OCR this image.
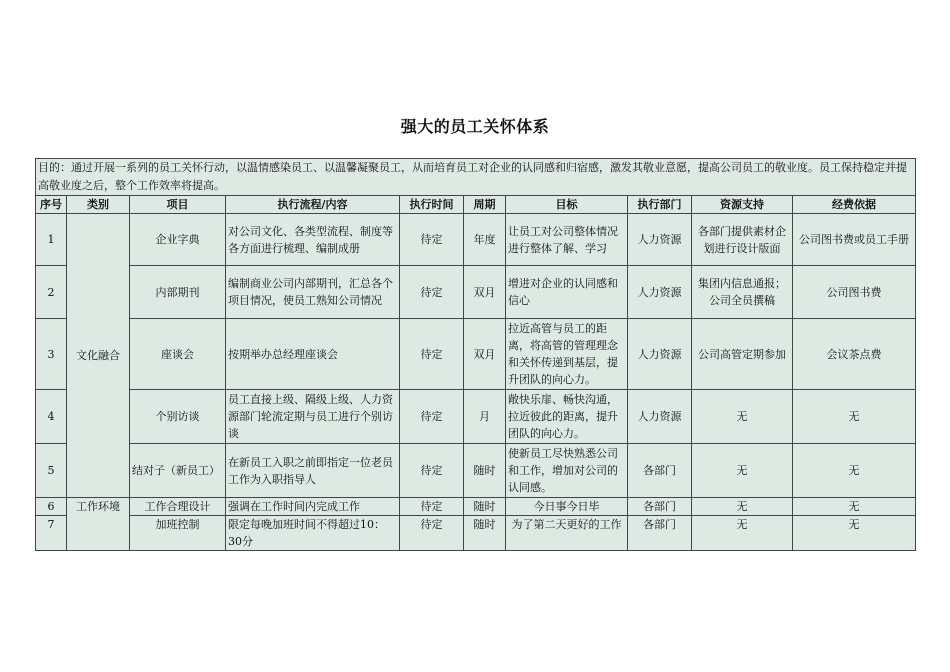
强大的员工关怀体系
目的：通过开展一系列的员工关怀行动，以温情感染员工、以温馨凝聚员工，从而培育员工对企业的认同感和归宿感，激发其敬业意愿，提高公司员工的敬业度。员工保持稳定并提高敬业度之后，整个工作效率将提高。									
序号	类别	项目	执行流程/内容	执行时间	周期	目标	执行部门	资源支持	经费依据
1	文化融合	企业字典	对公司文化、各类型流程、制度等各方面进行梳理、编制成册	待定	年度	让员工对公司整体情况进行整体了解、学习	人力资源	各部门提供素材企划进行设计版面	公司图书费或员工手册
2		内部期刊	编制商业公司内部期刊，汇总各个项目情况，使员工熟知公司情况	待定	双月	增进对企业的认同感和信心	人力资源	集团内信息通报；公司全员撰稿	公司图书费
3		座谈会	按期举办总经理座谈会	待定	双月	拉近高管与员工的距离，将高管的管理理念和关怀传递到基层，提升团队的向心力。	人力资源	公司高管定期参加	会议茶点费
4		个别访谈	员工直接上级、隔级上级、人力资源部门轮流定期与员工进行个别访谈	待定	月	敞快乐扉、畅快沟通，拉近彼此的距离，提升团队的向心力。	人力资源	无	无
5		结对子（新员工）	在新员工入职之前即指定一位老员工作为入职指导人	待定	随时	使新员工尽快熟悉公司和工作，增加对公司的认同感。	各部门	无	无
6	工作环境	工作合理设计	强调在工作时间内完成工作	待定	随时	今日事今日毕	各部门	无	无
7		加班控制	限定每晚加班时间不得超过10：30分	待定	随时	为了第二天更好的工作	各部门	无	无
